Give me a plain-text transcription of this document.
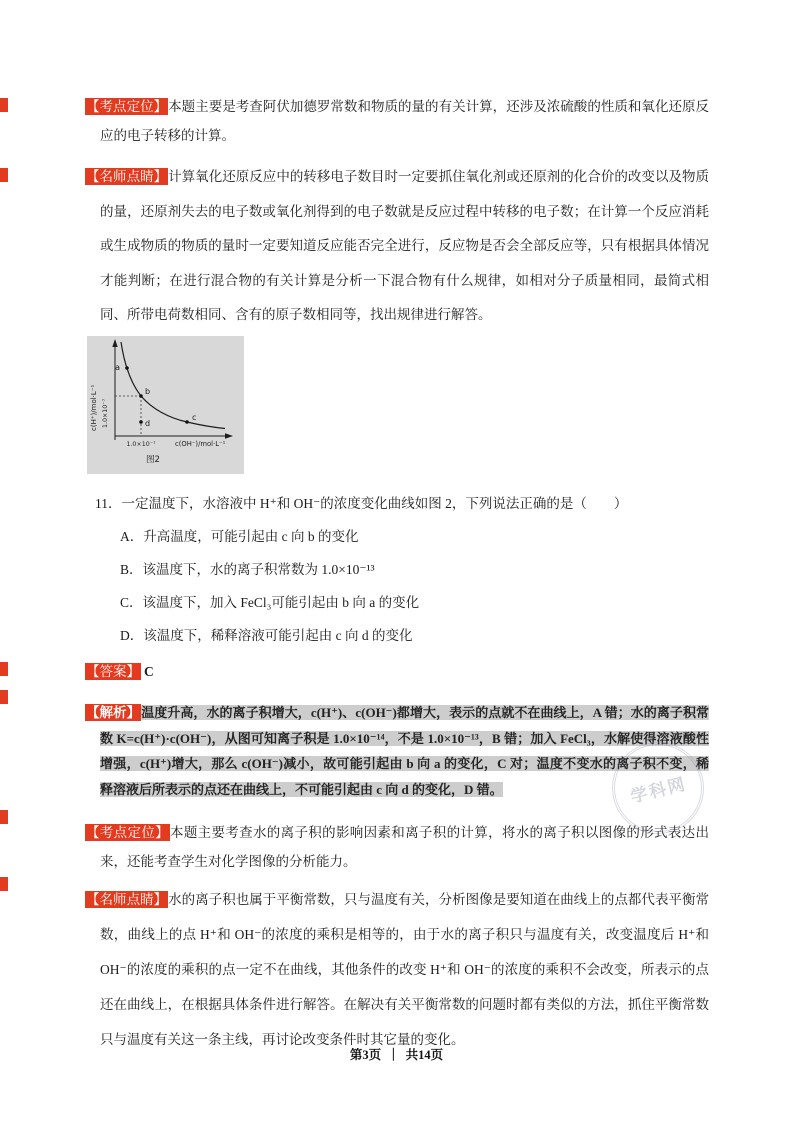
【考点定位】本题主要是考查阿伏加德罗常数和物质的量的有关计算，还涉及浓硫酸的性质和氧化还原反应的电子转移的计算。

【名师点睛】计算氧化还原反应中的转移电子数目时一定要抓住氧化剂或还原剂的化合价的改变以及物质的量，还原剂失去的电子数或氧化剂得到的电子数就是反应过程中转移的电子数；在计算一个反应消耗或生成物质的物质的量时一定要知道反应能否完全进行，反应物是否会全部反应等，只有根据具体情况才能判断；在进行混合物的有关计算是分析一下混合物有什么规律，如相对分子质量相同，最简式相同、所带电荷数相同、含有的原子数相同等，找出规律进行解答。

a
b
c
d
c(H⁺)/mol·L⁻¹ 1.0×10⁻⁷
1.0×10⁻⁷	c(OH⁻)/mol·L⁻¹
图2

11．一定温度下，水溶液中 H⁺和 OH⁻的浓度变化曲线如图 2，下列说法正确的是（　　）

A．升高温度，可能引起由 c 向 b 的变化

B．该温度下，水的离子积常数为 1.0×10⁻¹³

C．该温度下，加入 FeCl₃可能引起由 b 向 a 的变化

D．该温度下，稀释溶液可能引起由 c 向 d 的变化

【答案】 C

【解析】温度升高，水的离子积增大，c(H⁺)、c(OH⁻)都增大，表示的点就不在曲线上，A 错；水的离子积常数 K=c(H⁺)·c(OH⁻)，从图可知离子积是 1.0×10⁻¹⁴，不是 1.0×10⁻¹³，B 错；加入 FeCl₃，水解使得溶液酸性增强，c(H⁺)增大，那么 c(OH⁻)减小，故可能引起由 b 向 a 的变化，C 对；温度不变水的离子积不变，稀释溶液后所表示的点还在曲线上，不可能引起由 c 向 d 的变化，D 错。

【考点定位】本题主要考查水的离子积的影响因素和离子积的计算，将水的离子积以图像的形式表达出来，还能考查学生对化学图像的分析能力。

【名师点睛】水的离子积也属于平衡常数，只与温度有关，分析图像是要知道在曲线上的点都代表平衡常数，曲线上的点 H⁺和 OH⁻的浓度的乘积是相等的，由于水的离子积只与温度有关，改变温度后 H⁺和 OH⁻的浓度的乘积的点一定不在曲线，其他条件的改变 H⁺和 OH⁻的浓度的乘积不会改变，所表示的点还在曲线上，在根据具体条件进行解答。在解决有关平衡常数的问题时都有类似的方法，抓住平衡常数只与温度有关这一条主线，再讨论改变条件时其它量的变化。

学科网
第3页 ｜ 共14页
